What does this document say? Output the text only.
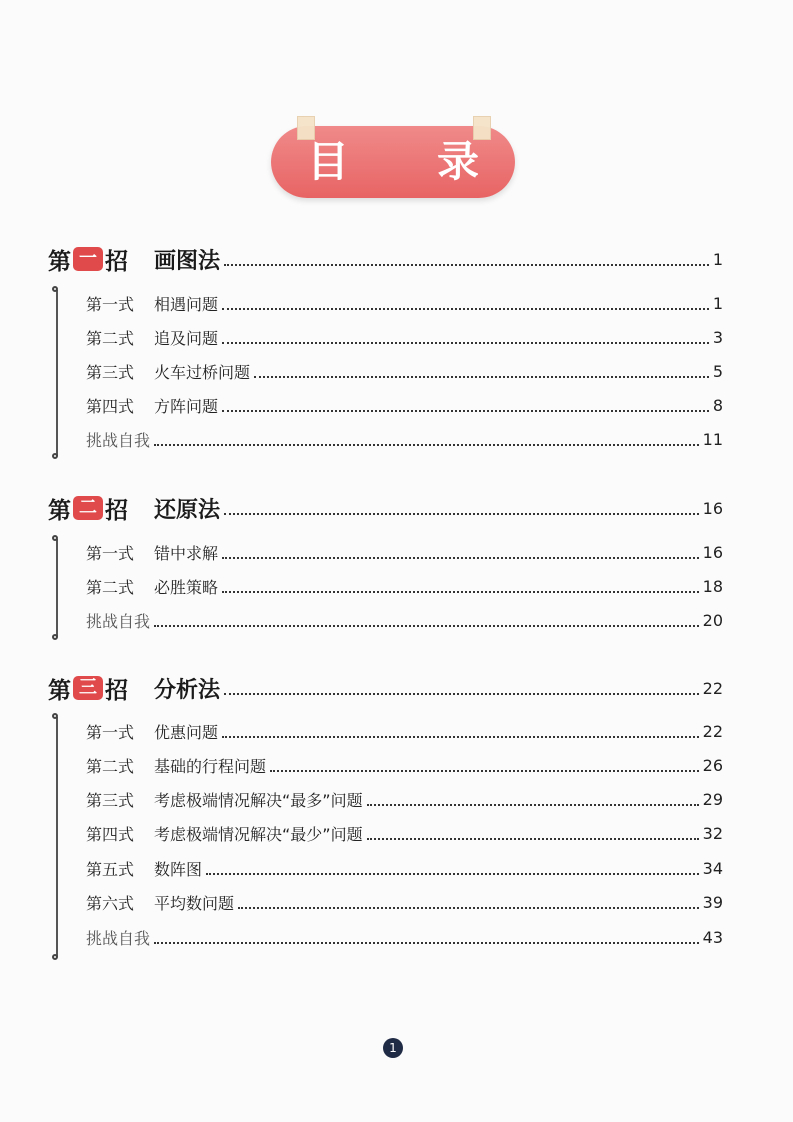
目 录
第 一 招 画图法	1
第一式 相遇问题	1
第二式 追及问题	3
第三式 火车过桥问题	5
第四式 方阵问题	8
挑战自我	11
第 二 招 还原法	16
第一式 错中求解	16
第二式 必胜策略	18
挑战自我	20
第 三 招 分析法	22
第一式 优惠问题	22
第二式 基础的行程问题	26
第三式 考虑极端情况解决“最多”问题	29
第四式 考虑极端情况解决“最少”问题	32
第五式 数阵图	34
第六式 平均数问题	39
挑战自我	43
1
